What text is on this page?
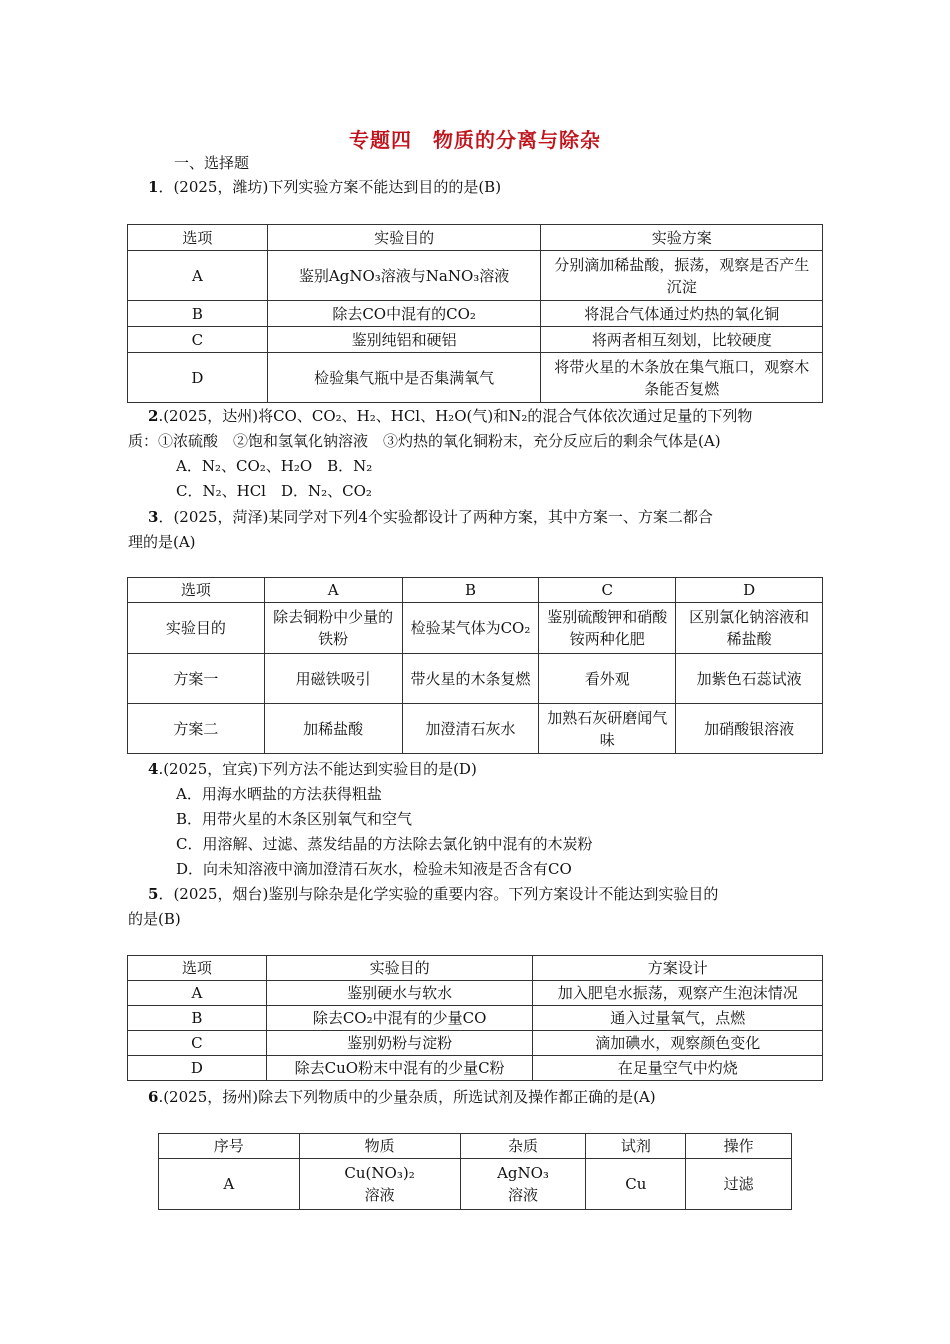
专题四　物质的分离与除杂
一、选择题
1．(2025，潍坊)下列实验方案不能达到目的的是(B)
选项	实验目的	实验方案
A	鉴别AgNO₃溶液与NaNO₃溶液	分别滴加稀盐酸，振荡，观察是否产生沉淀
B	除去CO中混有的CO₂	将混合气体通过灼热的氧化铜
C	鉴别纯铝和硬铝	将两者相互刻划，比较硬度
D	检验集气瓶中是否集满氧气	将带火星的木条放在集气瓶口，观察木条能否复燃
2.(2025，达州)将CO、CO₂、H₂、HCl、H₂O(气)和N₂的混合气体依次通过足量的下列物
质：①浓硫酸　②饱和氢氧化钠溶液　③灼热的氧化铜粉末，充分反应后的剩余气体是(A)
A．N₂、CO₂、H₂O　B．N₂
C．N₂、HCl　D．N₂、CO₂
3．(2025，菏泽)某同学对下列4个实验都设计了两种方案，其中方案一、方案二都合
理的是(A)
选项	A	B	C	D
实验目的	除去铜粉中少量的铁粉	检验某气体为CO₂	鉴别硫酸钾和硝酸铵两种化肥	区别氯化钠溶液和稀盐酸
方案一	用磁铁吸引	带火星的木条复燃	看外观	加紫色石蕊试液
方案二	加稀盐酸	加澄清石灰水	加熟石灰研磨闻气味	加硝酸银溶液
4.(2025，宜宾)下列方法不能达到实验目的是(D)
A．用海水晒盐的方法获得粗盐
B．用带火星的木条区别氧气和空气
C．用溶解、过滤、蒸发结晶的方法除去氯化钠中混有的木炭粉
D．向未知溶液中滴加澄清石灰水，检验未知液是否含有CO
5．(2025，烟台)鉴别与除杂是化学实验的重要内容。下列方案设计不能达到实验目的
的是(B)
选项	实验目的	方案设计
A	鉴别硬水与软水	加入肥皂水振荡，观察产生泡沫情况
B	除去CO₂中混有的少量CO	通入过量氧气，点燃
C	鉴别奶粉与淀粉	滴加碘水，观察颜色变化
D	除去CuO粉末中混有的少量C粉	在足量空气中灼烧
6.(2025，扬州)除去下列物质中的少量杂质，所选试剂及操作都正确的是(A)
序号	物质	杂质	试剂	操作
A	Cu(NO₃)₂溶液	AgNO₃溶液	Cu	过滤
